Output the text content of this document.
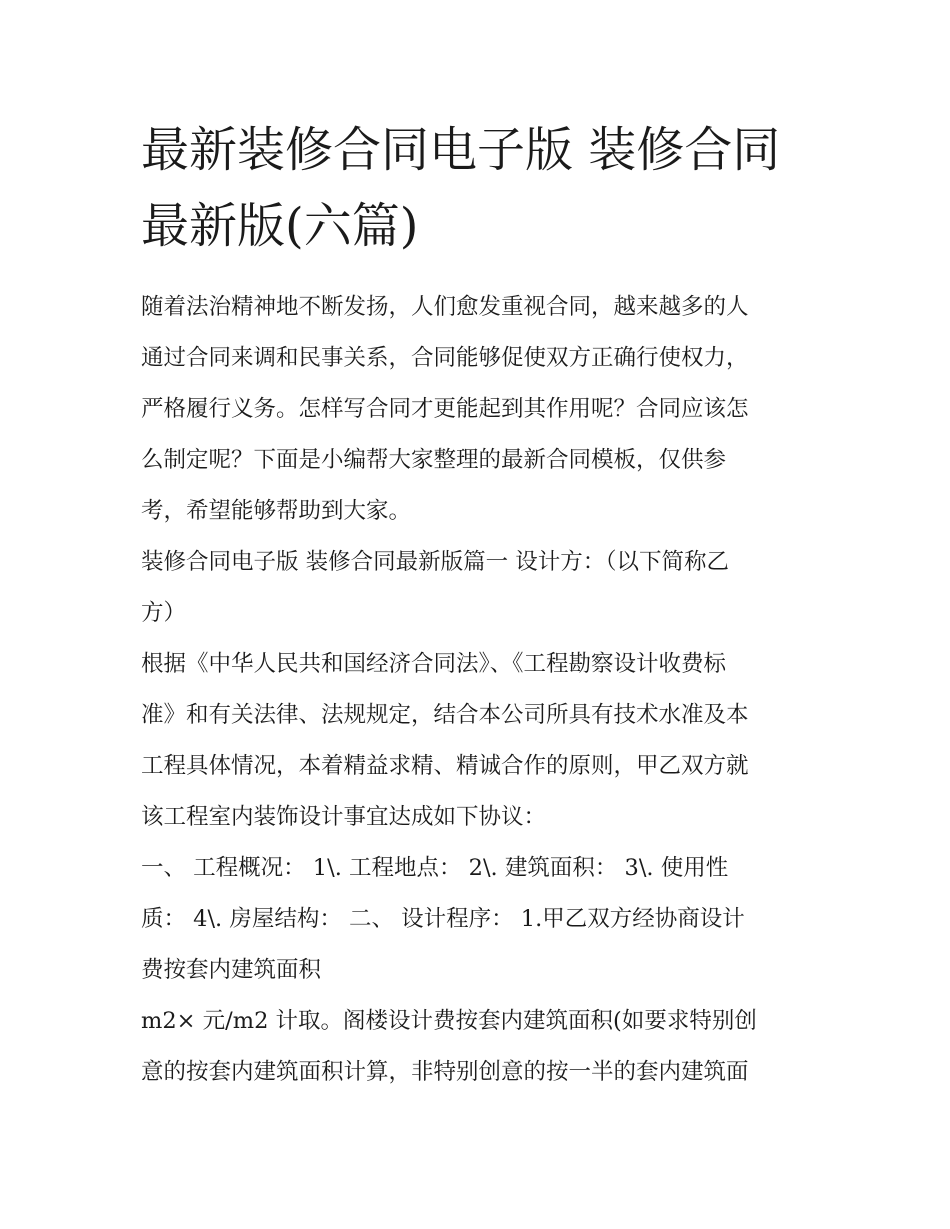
最新装修合同电子版 装修合同
最新版(六篇)
随着法治精神地不断发扬，人们愈发重视合同，越来越多的人
通过合同来调和民事关系，合同能够促使双方正确行使权力，
严格履行义务。怎样写合同才更能起到其作用呢？合同应该怎
么制定呢？下面是小编帮大家整理的最新合同模板，仅供参
考，希望能够帮助到大家。
装修合同电子版 装修合同最新版篇一 设计方：（以下简称乙
方）
根据《中华人民共和国经济合同法》、《工程勘察设计收费标
准》和有关法律、法规规定，结合本公司所具有技术水准及本
工程具体情况，本着精益求精、精诚合作的原则，甲乙双方就
该工程室内装饰设计事宜达成如下协议：
一、 工程概况： 1\. 工程地点： 2\. 建筑面积： 3\. 使用性
质： 4\. 房屋结构： 二、 设计程序： 1.甲乙双方经协商设计
费按套内建筑面积
m2× 元/m2 计取。阁楼设计费按套内建筑面积(如要求特别创
意的按套内建筑面积计算，非特别创意的按一半的套内建筑面
